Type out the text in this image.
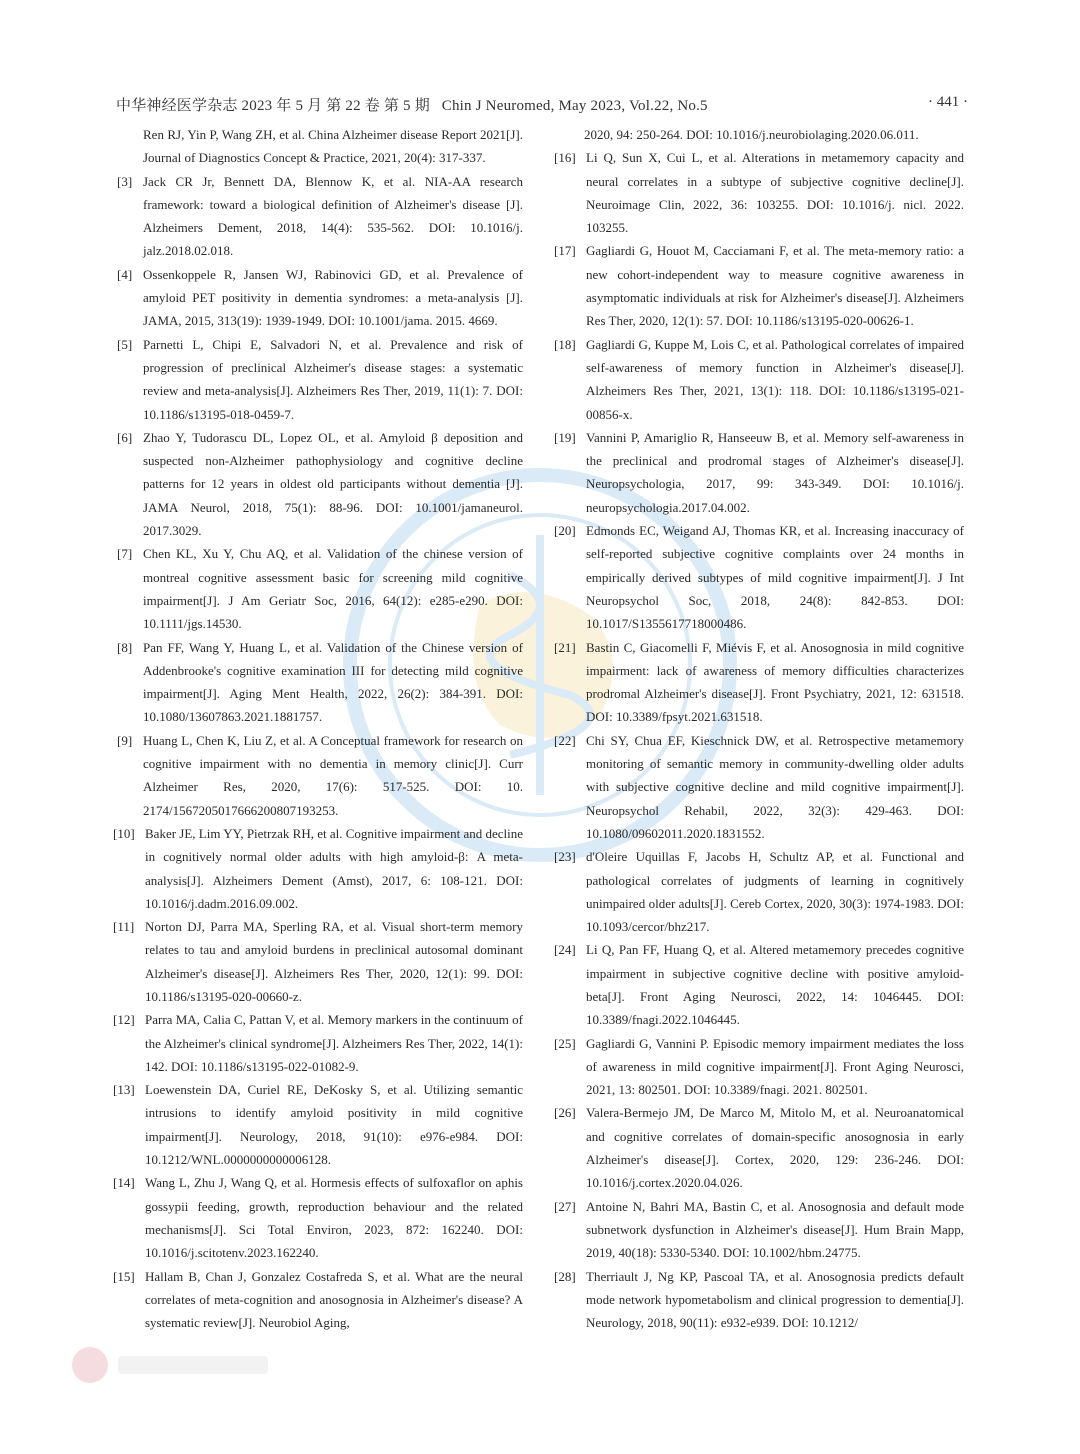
中华神经医学杂志 2023 年 5 月 第 22 卷 第 5 期 Chin J Neuromed, May 2023, Vol.22, No.5	· 441 ·
Ren RJ, Yin P, Wang ZH, et al. China Alzheimer disease Report 2021[J]. Journal of Diagnostics Concept & Practice, 2021, 20(4): 317-337.
[3] Jack CR Jr, Bennett DA, Blennow K, et al. NIA-AA research framework: toward a biological definition of Alzheimer's disease [J]. Alzheimers Dement, 2018, 14(4): 535-562. DOI: 10.1016/j. jalz.2018.02.018.
[4] Ossenkoppele R, Jansen WJ, Rabinovici GD, et al. Prevalence of amyloid PET positivity in dementia syndromes: a meta-analysis [J]. JAMA, 2015, 313(19): 1939-1949. DOI: 10.1001/jama. 2015. 4669.
[5] Parnetti L, Chipi E, Salvadori N, et al. Prevalence and risk of progression of preclinical Alzheimer's disease stages: a systematic review and meta-analysis[J]. Alzheimers Res Ther, 2019, 11(1): 7. DOI: 10.1186/s13195-018-0459-7.
[6] Zhao Y, Tudorascu DL, Lopez OL, et al. Amyloid β deposition and suspected non-Alzheimer pathophysiology and cognitive decline patterns for 12 years in oldest old participants without dementia [J]. JAMA Neurol, 2018, 75(1): 88-96. DOI: 10.1001/jamaneurol. 2017.3029.
[7] Chen KL, Xu Y, Chu AQ, et al. Validation of the chinese version of montreal cognitive assessment basic for screening mild cognitive impairment[J]. J Am Geriatr Soc, 2016, 64(12): e285-e290. DOI: 10.1111/jgs.14530.
[8] Pan FF, Wang Y, Huang L, et al. Validation of the Chinese version of Addenbrooke's cognitive examination III for detecting mild cognitive impairment[J]. Aging Ment Health, 2022, 26(2): 384-391. DOI: 10.1080/13607863.2021.1881757.
[9] Huang L, Chen K, Liu Z, et al. A Conceptual framework for research on cognitive impairment with no dementia in memory clinic[J]. Curr Alzheimer Res, 2020, 17(6): 517-525. DOI: 10. 2174/1567205017666200807193253.
[10] Baker JE, Lim YY, Pietrzak RH, et al. Cognitive impairment and decline in cognitively normal older adults with high amyloid-β: A meta-analysis[J]. Alzheimers Dement (Amst), 2017, 6: 108-121. DOI: 10.1016/j.dadm.2016.09.002.
[11] Norton DJ, Parra MA, Sperling RA, et al. Visual short-term memory relates to tau and amyloid burdens in preclinical autosomal dominant Alzheimer's disease[J]. Alzheimers Res Ther, 2020, 12(1): 99. DOI: 10.1186/s13195-020-00660-z.
[12] Parra MA, Calia C, Pattan V, et al. Memory markers in the continuum of the Alzheimer's clinical syndrome[J]. Alzheimers Res Ther, 2022, 14(1): 142. DOI: 10.1186/s13195-022-01082-9.
[13] Loewenstein DA, Curiel RE, DeKosky S, et al. Utilizing semantic intrusions to identify amyloid positivity in mild cognitive impairment[J]. Neurology, 2018, 91(10): e976-e984. DOI: 10.1212/WNL.0000000000006128.
[14] Wang L, Zhu J, Wang Q, et al. Hormesis effects of sulfoxaflor on aphis gossypii feeding, growth, reproduction behaviour and the related mechanisms[J]. Sci Total Environ, 2023, 872: 162240. DOI: 10.1016/j.scitotenv.2023.162240.
[15] Hallam B, Chan J, Gonzalez Costafreda S, et al. What are the neural correlates of meta-cognition and anosognosia in Alzheimer's disease? A systematic review[J]. Neurobiol Aging,
2020, 94: 250-264. DOI: 10.1016/j.neurobiolaging.2020.06.011.
[16] Li Q, Sun X, Cui L, et al. Alterations in metamemory capacity and neural correlates in a subtype of subjective cognitive decline[J]. Neuroimage Clin, 2022, 36: 103255. DOI: 10.1016/j. nicl. 2022. 103255.
[17] Gagliardi G, Houot M, Cacciamani F, et al. The meta-memory ratio: a new cohort-independent way to measure cognitive awareness in asymptomatic individuals at risk for Alzheimer's disease[J]. Alzheimers Res Ther, 2020, 12(1): 57. DOI: 10.1186/s13195-020-00626-1.
[18] Gagliardi G, Kuppe M, Lois C, et al. Pathological correlates of impaired self-awareness of memory function in Alzheimer's disease[J]. Alzheimers Res Ther, 2021, 13(1): 118. DOI: 10.1186/s13195-021-00856-x.
[19] Vannini P, Amariglio R, Hanseeuw B, et al. Memory self-awareness in the preclinical and prodromal stages of Alzheimer's disease[J]. Neuropsychologia, 2017, 99: 343-349. DOI: 10.1016/j. neuropsychologia.2017.04.002.
[20] Edmonds EC, Weigand AJ, Thomas KR, et al. Increasing inaccuracy of self-reported subjective cognitive complaints over 24 months in empirically derived subtypes of mild cognitive impairment[J]. J Int Neuropsychol Soc, 2018, 24(8): 842-853. DOI: 10.1017/S1355617718000486.
[21] Bastin C, Giacomelli F, Miévis F, et al. Anosognosia in mild cognitive impairment: lack of awareness of memory difficulties characterizes prodromal Alzheimer's disease[J]. Front Psychiatry, 2021, 12: 631518. DOI: 10.3389/fpsyt.2021.631518.
[22] Chi SY, Chua EF, Kieschnick DW, et al. Retrospective metamemory monitoring of semantic memory in community-dwelling older adults with subjective cognitive decline and mild cognitive impairment[J]. Neuropsychol Rehabil, 2022, 32(3): 429-463. DOI: 10.1080/09602011.2020.1831552.
[23] d'Oleire Uquillas F, Jacobs H, Schultz AP, et al. Functional and pathological correlates of judgments of learning in cognitively unimpaired older adults[J]. Cereb Cortex, 2020, 30(3): 1974-1983. DOI: 10.1093/cercor/bhz217.
[24] Li Q, Pan FF, Huang Q, et al. Altered metamemory precedes cognitive impairment in subjective cognitive decline with positive amyloid-beta[J]. Front Aging Neurosci, 2022, 14: 1046445. DOI: 10.3389/fnagi.2022.1046445.
[25] Gagliardi G, Vannini P. Episodic memory impairment mediates the loss of awareness in mild cognitive impairment[J]. Front Aging Neurosci, 2021, 13: 802501. DOI: 10.3389/fnagi. 2021. 802501.
[26] Valera-Bermejo JM, De Marco M, Mitolo M, et al. Neuroanatomical and cognitive correlates of domain-specific anosognosia in early Alzheimer's disease[J]. Cortex, 2020, 129: 236-246. DOI: 10.1016/j.cortex.2020.04.026.
[27] Antoine N, Bahri MA, Bastin C, et al. Anosognosia and default mode subnetwork dysfunction in Alzheimer's disease[J]. Hum Brain Mapp, 2019, 40(18): 5330-5340. DOI: 10.1002/hbm.24775.
[28] Therriault J, Ng KP, Pascoal TA, et al. Anosognosia predicts default mode network hypometabolism and clinical progression to dementia[J]. Neurology, 2018, 90(11): e932-e939. DOI: 10.1212/
